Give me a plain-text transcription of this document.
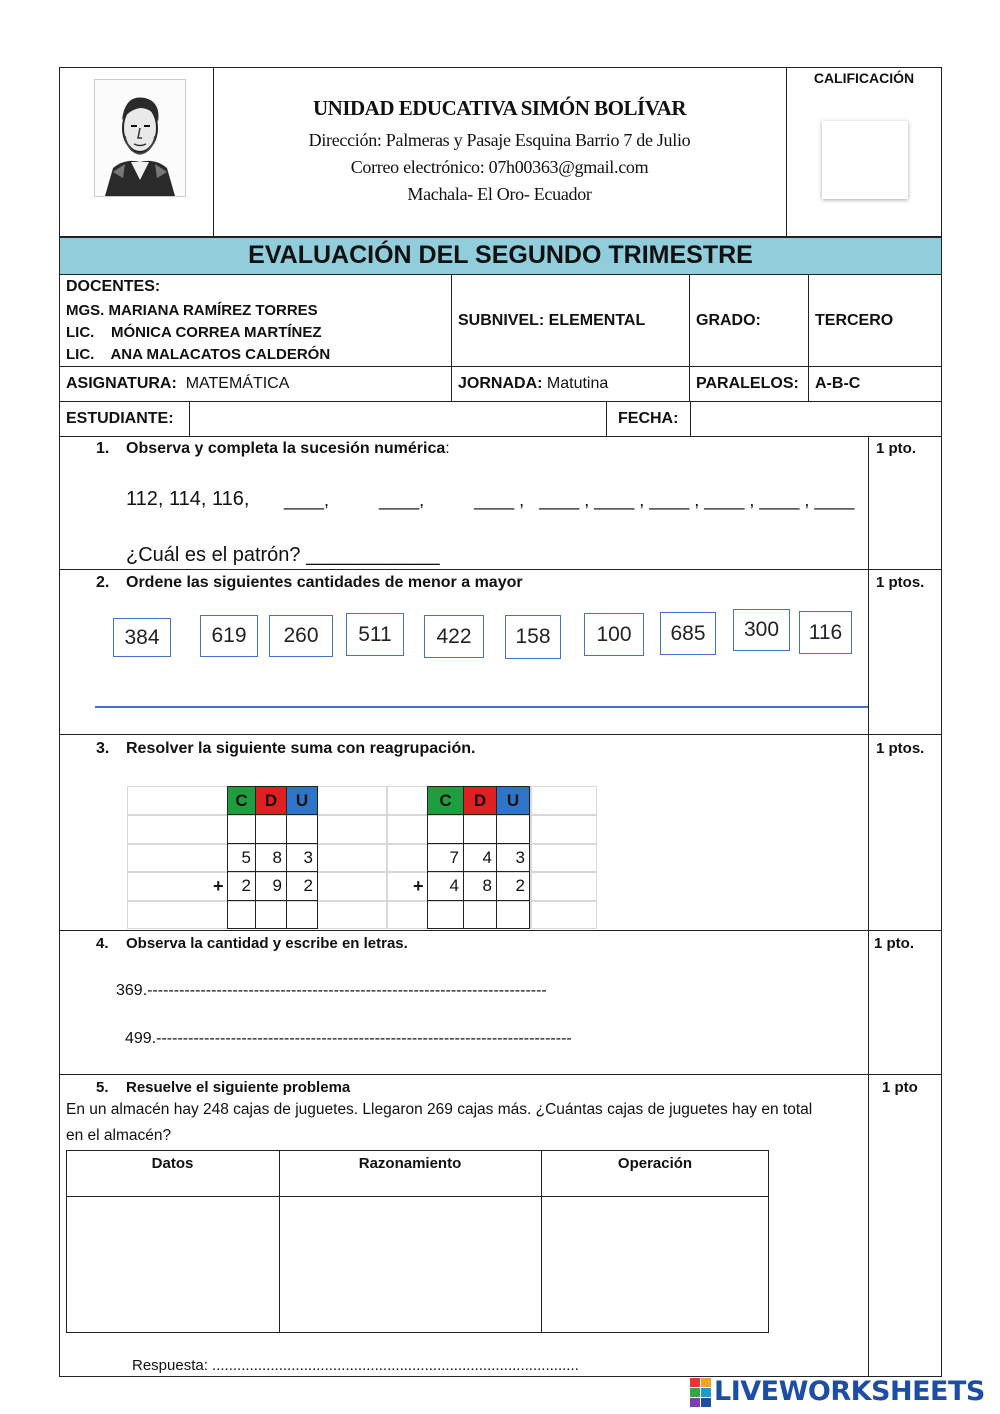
UNIDAD EDUCATIVA SIMÓN BOLÍVAR
Dirección: Palmeras y Pasaje Esquina Barrio 7 de Julio
Correo electrónico: 07h00363@gmail.com
Machala- El Oro- Ecuador
CALIFICACIÓN
EVALUACIÓN DEL SEGUNDO TRIMESTRE
DOCENTES:
MGS. MARIANA RAMÍREZ TORRES
LIC.    MÓNICA CORREA MARTÍNEZ
LIC.    ANA MALACATOS CALDERÓN
SUBNIVEL: ELEMENTAL	GRADO:	TERCERO
ASIGNATURA: MATEMÁTICA	JORNADA: Matutina	PARALELOS: A-B-C
ESTUDIANTE:	FECHA:
1. Observa y completa la sucesión numérica:	1 pto.
112, 114, 116, ____,          ____,          ____ ,   ____ , ____ , ____ , ____ , ____ , ____
¿Cuál es el patrón? ____________
2. Ordene las siguientes cantidades de menor a mayor	1 ptos.
384	619	260	511	422	158	100	685	300	116
3. Resolver la siguiente suma con reagrupación.	1 ptos.
C	D	U
5	8	3
+	2	9	2
C	D	U
7	4	3
+	4	8	2
4. Observa la cantidad y escribe en letras.	1 pto.
369.---------------------------------------------------------------------------
499.------------------------------------------------------------------------------
5. Resuelve el siguiente problema	1 pto
En un almacén hay 248 cajas de juguetes. Llegaron 269 cajas más. ¿Cuántas cajas de juguetes hay en total
en el almacén?
Datos	Razonamiento	Operación
Respuesta: ........................................................................................
LIVEWORKSHEETS
